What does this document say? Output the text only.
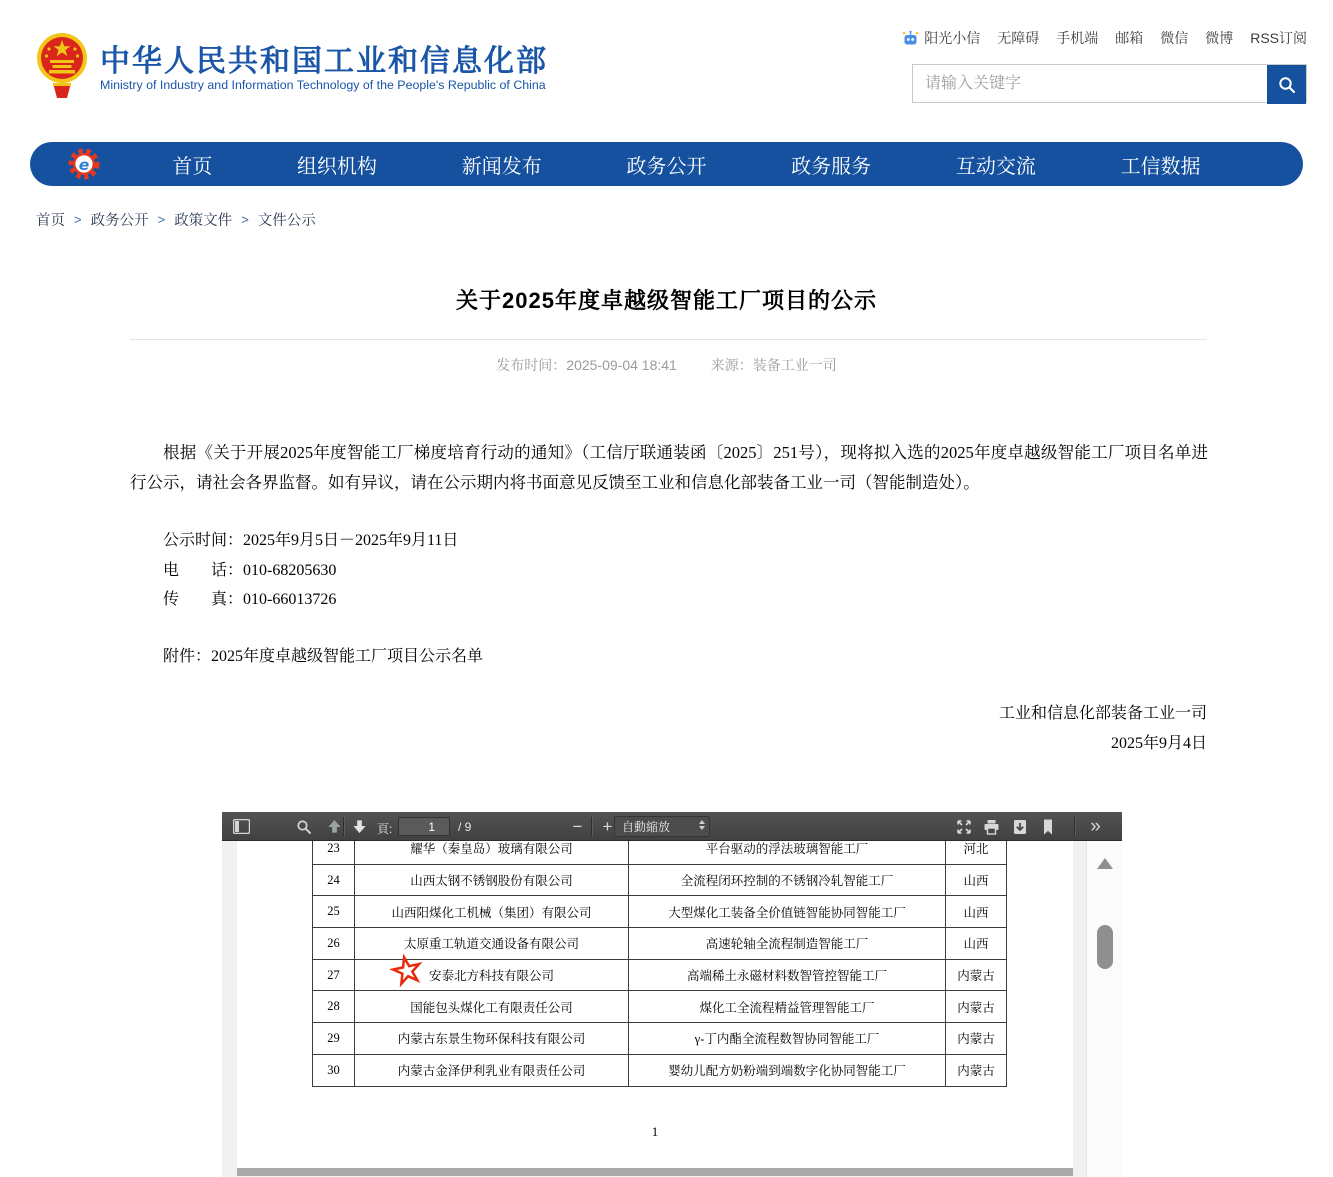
中华人民共和国工业和信息化部
Ministry of Industry and Information Technology of the People's Republic of China
阳光小信 无障碍 手机端 邮箱 微信 微博 RSS订阅
请输入关键字
e	首页	组织机构	新闻发布	政务公开	政务服务	互动交流	工信数据
首页 > 政务公开 > 政策文件 > 文件公示
关于2025年度卓越级智能工厂项目的公示
发布时间：2025-09-04 18:41 来源：装备工业一司
根据《关于开展2025年度智能工厂梯度培育行动的通知》（工信厅联通装函〔2025〕251号），现将拟入选的2025年度卓越级智能工厂项目名单进行公示，请社会各界监督。如有异议，请在公示期内将书面意见反馈至工业和信息化部装备工业一司（智能制造处）。
公示时间：2025年9月5日－2025年9月11日
电　　话：010-68205630
传　　真：010-66013726
附件：2025年度卓越级智能工厂项目公示名单
工业和信息化部装备工业一司
2025年9月4日
頁:
1	/ 9	− + 自動縮放	»
23	耀华（秦皇岛）玻璃有限公司	平台驱动的浮法玻璃智能工厂	河北
24	山西太钢不锈钢股份有限公司	全流程闭环控制的不锈钢冷轧智能工厂	山西
25	山西阳煤化工机械（集团）有限公司	大型煤化工装备全价值链智能协同智能工厂	山西
26	太原重工轨道交通设备有限公司	高速轮轴全流程制造智能工厂	山西
27	安泰北方科技有限公司	高端稀土永磁材料数智管控智能工厂	内蒙古
28	国能包头煤化工有限责任公司	煤化工全流程精益管理智能工厂	内蒙古
29	内蒙古东景生物环保科技有限公司	γ-丁内酯全流程数智协同智能工厂	内蒙古
30	内蒙古金泽伊利乳业有限责任公司	婴幼儿配方奶粉端到端数字化协同智能工厂	内蒙古
1
